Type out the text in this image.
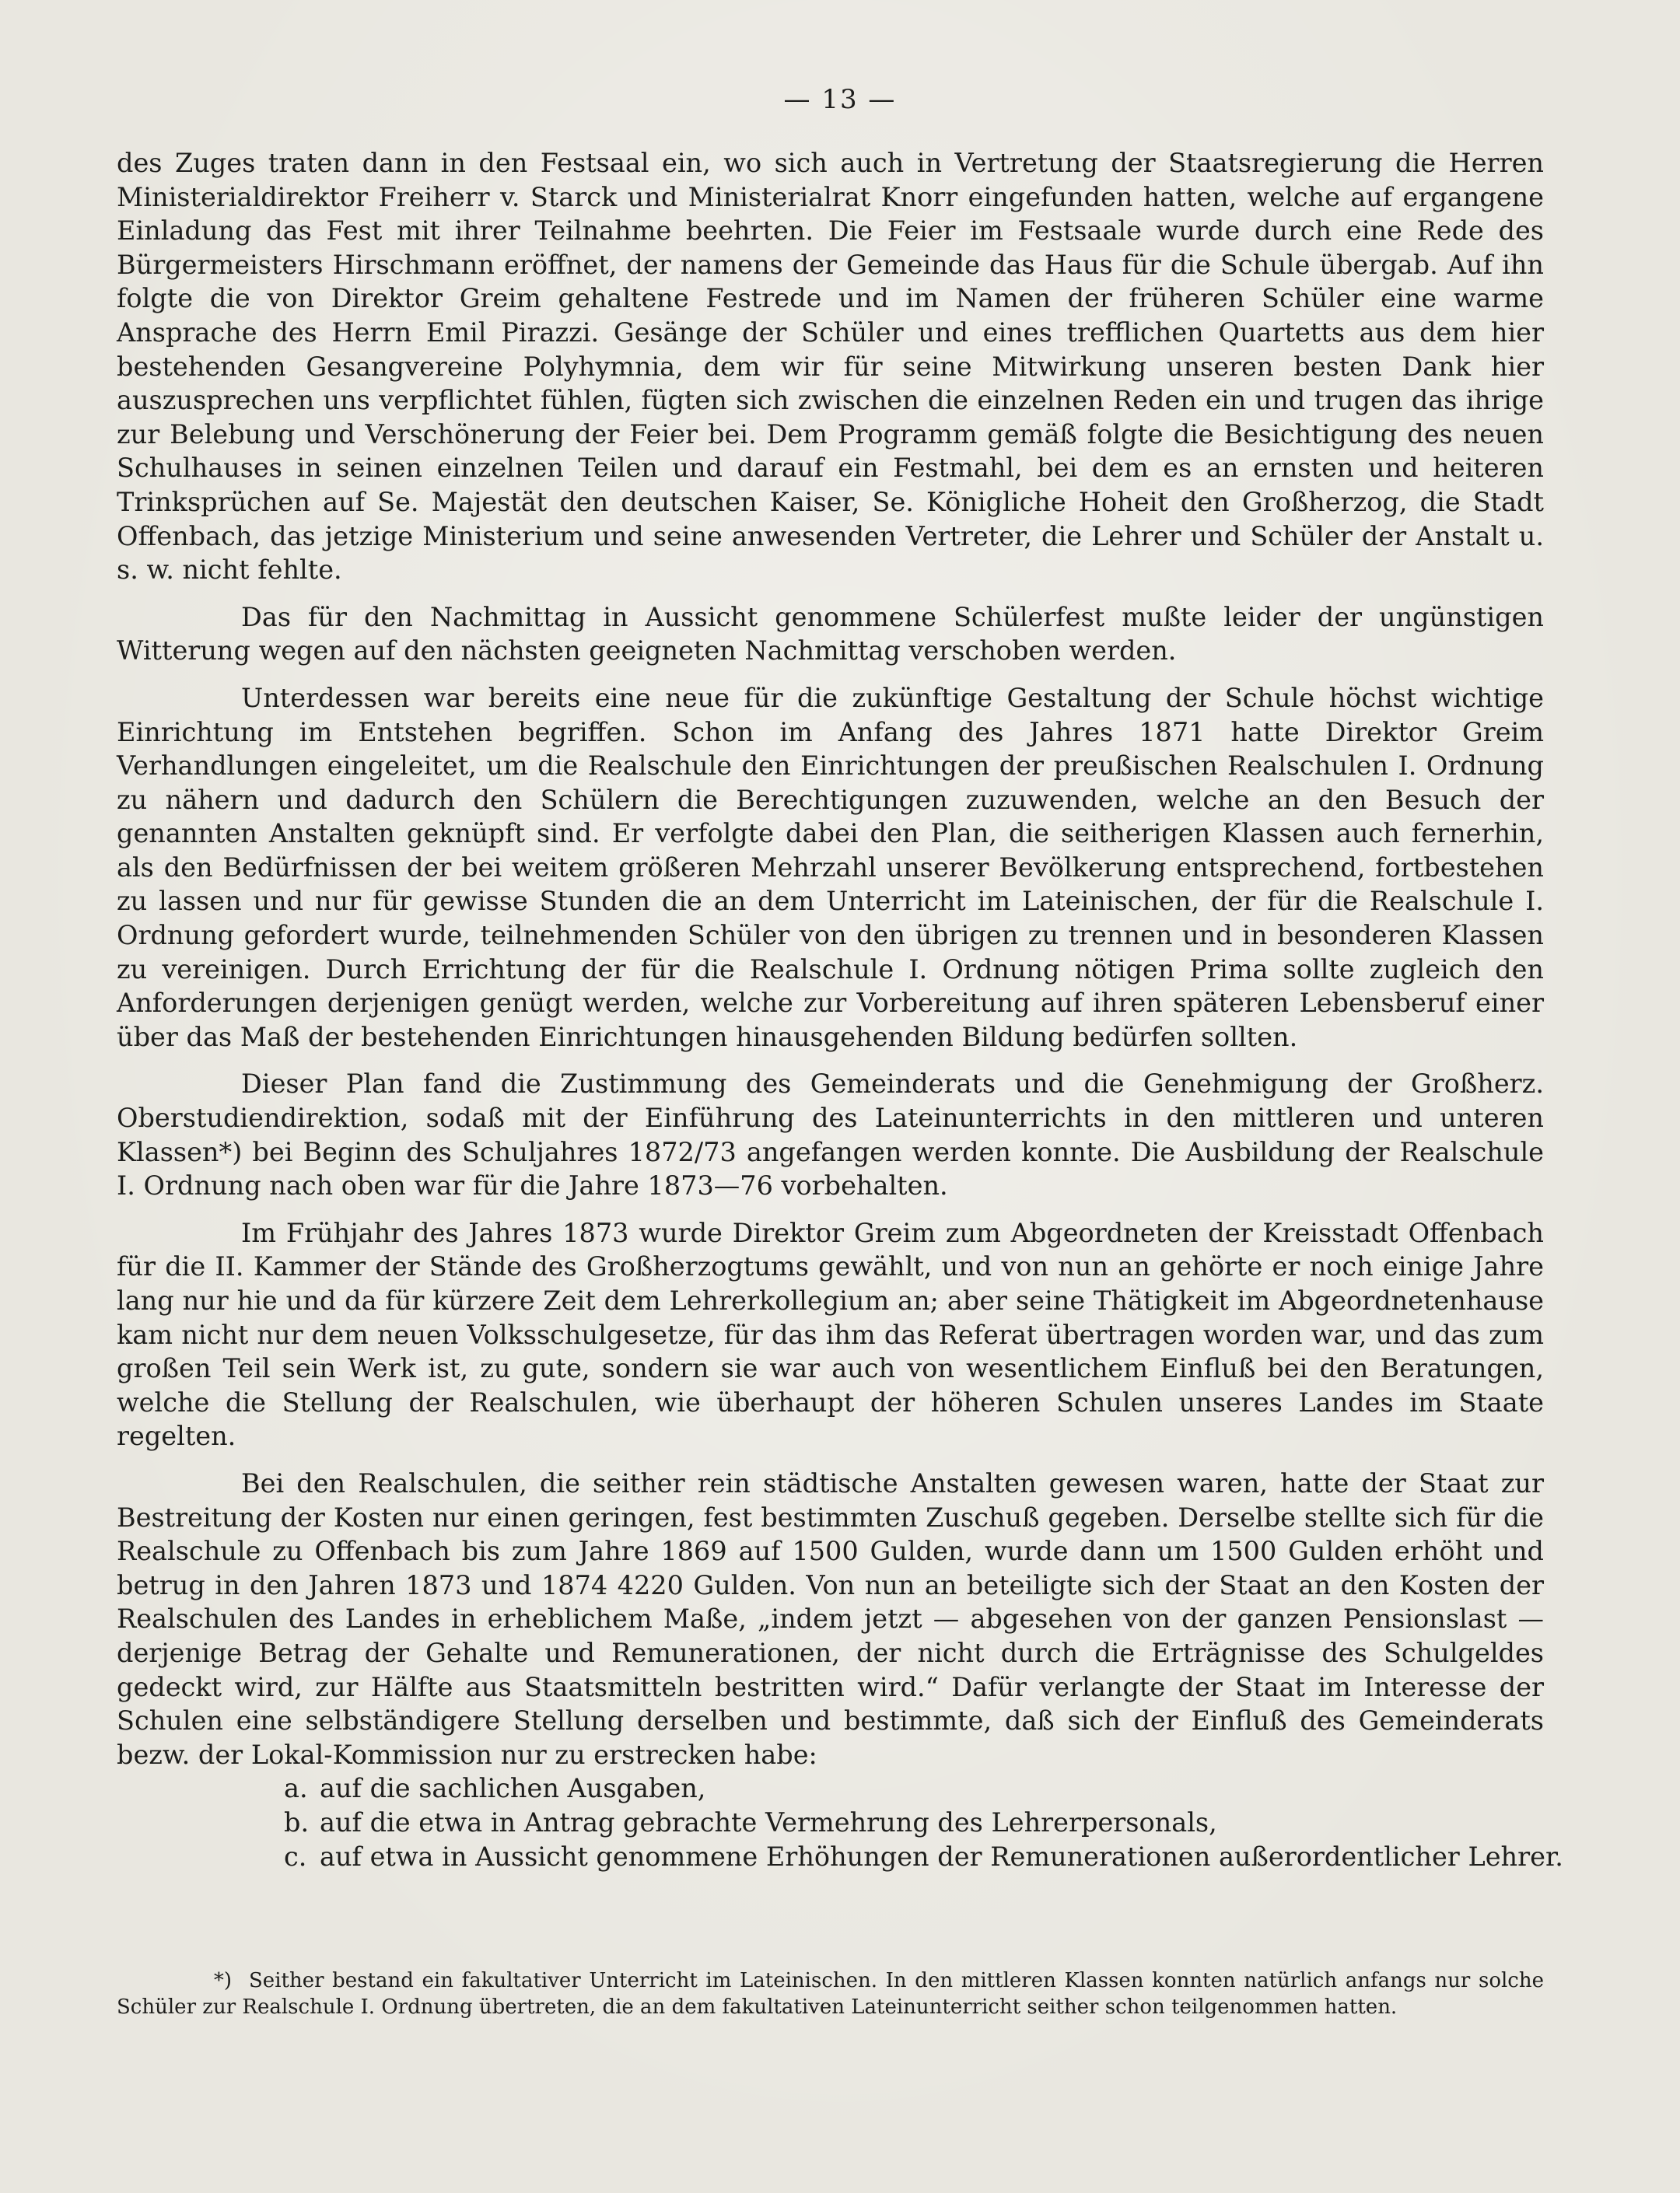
— 13 —

des Zuges traten dann in den Festsaal ein, wo sich auch in Vertretung der Staatsregierung die Herren Ministerialdirektor Freiherr v. Starck und Ministerialrat Knorr eingefunden hatten, welche auf ergangene Einladung das Fest mit ihrer Teilnahme beehrten. Die Feier im Festsaale wurde durch eine Rede des Bürgermeisters Hirschmann eröffnet, der namens der Gemeinde das Haus für die Schule übergab. Auf ihn folgte die von Direktor Greim gehaltene Festrede und im Namen der früheren Schüler eine warme Ansprache des Herrn Emil Pirazzi. Gesänge der Schüler und eines trefflichen Quartetts aus dem hier bestehenden Gesangvereine Polyhymnia, dem wir für seine Mitwirkung unseren besten Dank hier auszusprechen uns verpflichtet fühlen, fügten sich zwischen die einzelnen Reden ein und trugen das ihrige zur Belebung und Verschönerung der Feier bei. Dem Programm gemäß folgte die Besichtigung des neuen Schulhauses in seinen einzelnen Teilen und darauf ein Festmahl, bei dem es an ernsten und heiteren Trinksprüchen auf Se. Majestät den deutschen Kaiser, Se. Königliche Hoheit den Großherzog, die Stadt Offenbach, das jetzige Ministerium und seine anwesenden Vertreter, die Lehrer und Schüler der Anstalt u. s. w. nicht fehlte.

Das für den Nachmittag in Aussicht genommene Schülerfest mußte leider der ungünstigen Witterung wegen auf den nächsten geeigneten Nachmittag verschoben werden.

Unterdessen war bereits eine neue für die zukünftige Gestaltung der Schule höchst wichtige Einrichtung im Entstehen begriffen. Schon im Anfang des Jahres 1871 hatte Direktor Greim Verhandlungen eingeleitet, um die Realschule den Einrichtungen der preußischen Realschulen I. Ordnung zu nähern und dadurch den Schülern die Berechtigungen zuzuwenden, welche an den Besuch der genannten Anstalten geknüpft sind. Er verfolgte dabei den Plan, die seitherigen Klassen auch fernerhin, als den Bedürfnissen der bei weitem größeren Mehrzahl unserer Bevölkerung entsprechend, fortbestehen zu lassen und nur für gewisse Stunden die an dem Unterricht im Lateinischen, der für die Realschule I. Ordnung gefordert wurde, teilnehmenden Schüler von den übrigen zu trennen und in besonderen Klassen zu vereinigen. Durch Errichtung der für die Realschule I. Ordnung nötigen Prima sollte zugleich den Anforderungen derjenigen genügt werden, welche zur Vorbereitung auf ihren späteren Lebensberuf einer über das Maß der bestehenden Einrichtungen hinausgehenden Bildung bedürfen sollten.

Dieser Plan fand die Zustimmung des Gemeinderats und die Genehmigung der Großherz. Oberstudiendirektion, sodaß mit der Einführung des Lateinunterrichts in den mittleren und unteren Klassen*) bei Beginn des Schuljahres 1872/73 angefangen werden konnte. Die Ausbildung der Realschule I. Ordnung nach oben war für die Jahre 1873—76 vorbehalten.

Im Frühjahr des Jahres 1873 wurde Direktor Greim zum Abgeordneten der Kreisstadt Offenbach für die II. Kammer der Stände des Großherzogtums gewählt, und von nun an gehörte er noch einige Jahre lang nur hie und da für kürzere Zeit dem Lehrerkollegium an; aber seine Thätigkeit im Abgeordnetenhause kam nicht nur dem neuen Volksschulgesetze, für das ihm das Referat übertragen worden war, und das zum großen Teil sein Werk ist, zu gute, sondern sie war auch von wesentlichem Einfluß bei den Beratungen, welche die Stellung der Realschulen, wie überhaupt der höheren Schulen unseres Landes im Staate regelten.

Bei den Realschulen, die seither rein städtische Anstalten gewesen waren, hatte der Staat zur Bestreitung der Kosten nur einen geringen, fest bestimmten Zuschuß gegeben. Derselbe stellte sich für die Realschule zu Offenbach bis zum Jahre 1869 auf 1500 Gulden, wurde dann um 1500 Gulden erhöht und betrug in den Jahren 1873 und 1874 4220 Gulden. Von nun an beteiligte sich der Staat an den Kosten der Realschulen des Landes in erheblichem Maße, „indem jetzt — abgesehen von der ganzen Pensionslast — derjenige Betrag der Gehalte und Remunerationen, der nicht durch die Erträgnisse des Schulgeldes gedeckt wird, zur Hälfte aus Staatsmitteln bestritten wird.“ Dafür verlangte der Staat im Interesse der Schulen eine selbständigere Stellung derselben und bestimmte, daß sich der Einfluß des Gemeinderats bezw. der Lokal-Kommission nur zu erstrecken habe:

a. auf die sachlichen Ausgaben,
b. auf die etwa in Antrag gebrachte Vermehrung des Lehrerpersonals,
c. auf etwa in Aussicht genommene Erhöhungen der Remunerationen außerordentlicher Lehrer.
*) Seither bestand ein fakultativer Unterricht im Lateinischen. In den mittleren Klassen konnten natürlich anfangs nur solche Schüler zur Realschule I. Ordnung übertreten, die an dem fakultativen Lateinunterricht seither schon teilgenommen hatten.
